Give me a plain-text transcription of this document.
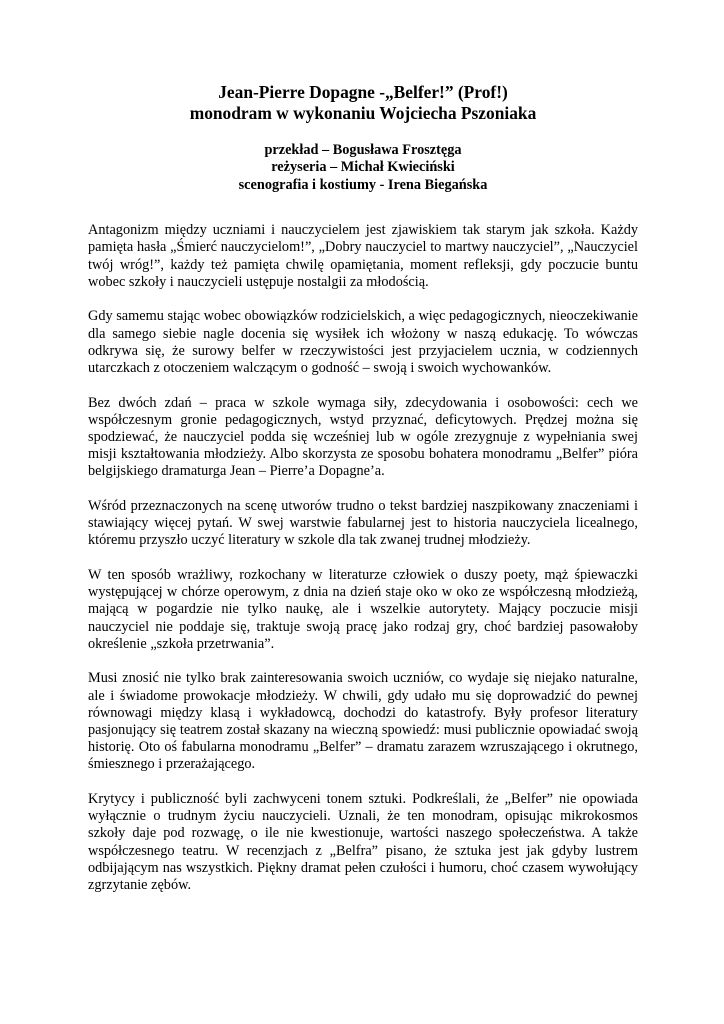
Jean-Pierre Dopagne -„Belfer!” (Prof!)
monodram w wykonaniu Wojciecha Pszoniaka
przekład – Bogusława Frosztęga
reżyseria – Michał Kwieciński
scenografia i kostiumy - Irena Biegańska

Antagonizm między uczniami i nauczycielem jest zjawiskiem tak starym jak szkoła. Każdy pamięta hasła „Śmierć nauczycielom!”, „Dobry nauczyciel to martwy nauczyciel”, „Nauczyciel twój wróg!”, każdy też pamięta chwilę opamiętania, moment refleksji, gdy poczucie buntu wobec szkoły i nauczycieli ustępuje nostalgii za młodością.

Gdy samemu stając wobec obowiązków rodzicielskich, a więc pedagogicznych, nieoczekiwanie dla samego siebie nagle docenia się wysiłek ich włożony w naszą edukację. To wówczas odkrywa się, że surowy belfer w rzeczywistości jest przyjacielem ucznia, w codziennych utarczkach z otoczeniem walczącym o godność – swoją i swoich wychowanków.

Bez dwóch zdań – praca w szkole wymaga siły, zdecydowania i osobowości: cech we współczesnym gronie pedagogicznych, wstyd przyznać, deficytowych. Prędzej można się spodziewać, że nauczyciel podda się wcześniej lub w ogóle zrezygnuje z wypełniania swej misji kształtowania młodzieży. Albo skorzysta ze sposobu bohatera monodramu „Belfer” pióra belgijskiego dramaturga Jean – Pierre’a Dopagne’a.

Wśród przeznaczonych na scenę utworów trudno o tekst bardziej naszpikowany znaczeniami i stawiający więcej pytań. W swej warstwie fabularnej jest to historia nauczyciela licealnego, któremu przyszło uczyć literatury w szkole dla tak zwanej trudnej młodzieży.

W ten sposób wrażliwy, rozkochany w literaturze człowiek o duszy poety, mąż śpiewaczki występującej w chórze operowym, z dnia na dzień staje oko w oko ze współczesną młodzieżą, mającą w pogardzie nie tylko naukę, ale i wszelkie autorytety. Mający poczucie misji nauczyciel nie poddaje się, traktuje swoją pracę jako rodzaj gry, choć bardziej pasowałoby określenie „szkoła przetrwania”.

Musi znosić nie tylko brak zainteresowania swoich uczniów, co wydaje się niejako naturalne, ale i świadome prowokacje młodzieży. W chwili, gdy udało mu się doprowadzić do pewnej równowagi między klasą i wykładowcą, dochodzi do katastrofy. Były profesor literatury pasjonujący się teatrem został skazany na wieczną spowiedź: musi publicznie opowiadać swoją historię. Oto oś fabularna monodramu „Belfer” – dramatu zarazem wzruszającego i okrutnego, śmiesznego i przerażającego.

Krytycy i publiczność byli zachwyceni tonem sztuki. Podkreślali, że „Belfer” nie opowiada wyłącznie o trudnym życiu nauczycieli. Uznali, że ten monodram, opisując mikrokosmos szkoły daje pod rozwagę, o ile nie kwestionuje, wartości naszego społeczeństwa. A także współczesnego teatru. W recenzjach z „Belfra” pisano, że sztuka jest jak gdyby lustrem odbijającym nas wszystkich. Piękny dramat pełen czułości i humoru, choć czasem wywołujący zgrzytanie zębów.
